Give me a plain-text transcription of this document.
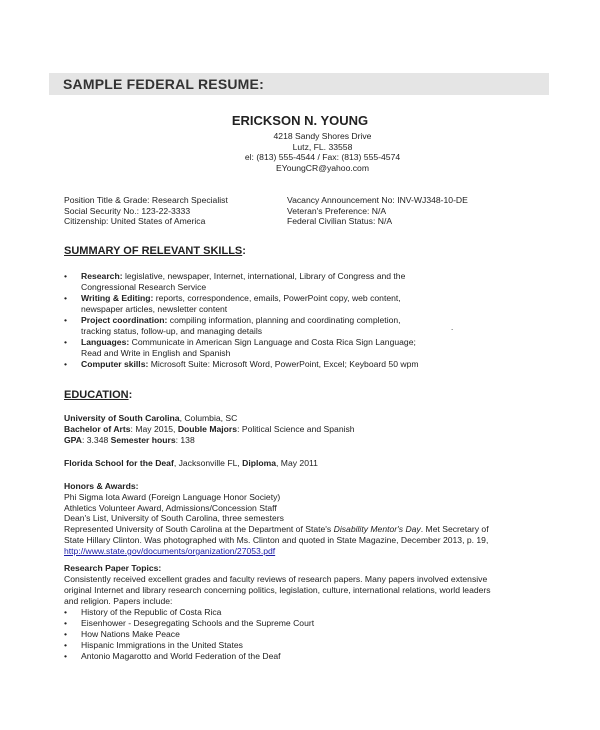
SAMPLE FEDERAL RESUME:
ERICKSON N. YOUNG
4218 Sandy Shores Drive
Lutz, FL. 33558
el: (813) 555-4544 / Fax: (813) 555-4574
EYoungCR@yahoo.com
Position Title & Grade: Research Specialist
Social Security No.: 123-22-3333
Citizenship: United States of America
Vacancy Announcement No: INV-WJ348-10-DE
Veteran's Preference: N/A
Federal Civilian Status: N/A
SUMMARY OF RELEVANT SKILLS:
• Research: legislative, newspaper, Internet, international, Library of Congress and the
Congressional Research Service
• Writing & Editing: reports, correspondence, emails, PowerPoint copy, web content,
newspaper articles, newsletter content
• Project coordination: compiling information, planning and coordinating completion,
tracking status, follow-up, and managing details	.
• Languages: Communicate in American Sign Language and Costa Rica Sign Language;
Read and Write in English and Spanish
• Computer skills: Microsoft Suite: Microsoft Word, PowerPoint, Excel; Keyboard 50 wpm
EDUCATION:
University of South Carolina, Columbia, SC
Bachelor of Arts: May 2015, Double Majors: Political Science and Spanish
GPA: 3.348 Semester hours: 138
Florida School for the Deaf, Jacksonville FL, Diploma, May 2011
Honors & Awards:
Phi Sigma Iota Award (Foreign Language Honor Society)
Athletics Volunteer Award, Admissions/Concession Staff
Dean's List, University of South Carolina, three semesters
Represented University of South Carolina at the Department of State's Disability Mentor's Day. Met Secretary of
State Hillary Clinton. Was photographed with Ms. Clinton and quoted in State Magazine, December 2013, p. 19,
http://www.state.gov/documents/organization/27053.pdf
Research Paper Topics:
Consistently received excellent grades and faculty reviews of research papers. Many papers involved extensive
original Internet and library research concerning politics, legislation, culture, international relations, world leaders
and religion. Papers include:
• History of the Republic of Costa Rica
• Eisenhower - Desegregating Schools and the Supreme Court
• How Nations Make Peace
• Hispanic Immigrations in the United States
• Antonio Magarotto and World Federation of the Deaf
